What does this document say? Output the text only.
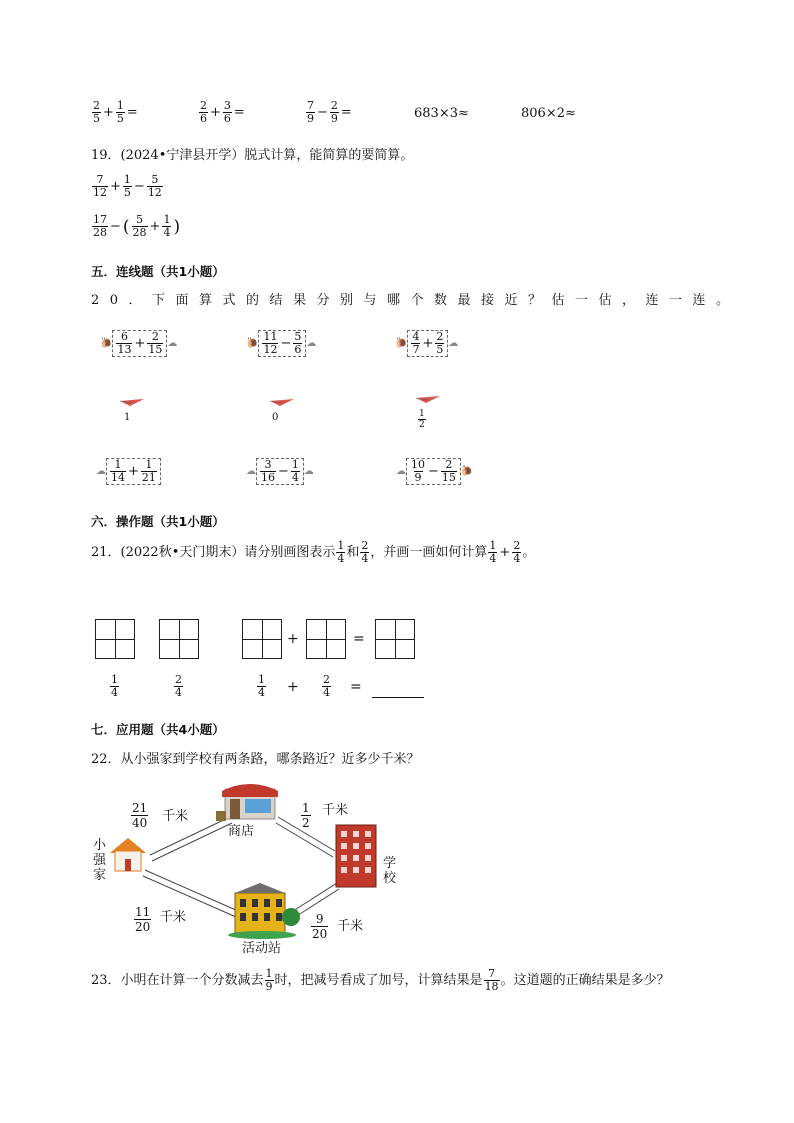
$\frac{2}{5} + \frac{1}{5}$ =	$\frac{2}{6} + \frac{3}{6}$ =	$\frac{7}{9} - \frac{2}{9}$ =	683×3≈	806×2≈
19．(2024•宁津县开学）脱式计算，能简算的要简算。
$\frac{7}{12} + \frac{1}{5} - \frac{5}{12}$
$\frac{17}{28}$ − ( $\frac{5}{28} + \frac{1}{4}$ )
五．连线题（共1小题）
20．下面算式的结果分别与哪个数最接近？估一估，连一连。
🐌 $\frac{6}{13} + \frac{2}{15}$ ☁	🐌 $\frac{11}{12} - \frac{5}{6}$ ☁	🐌 $\frac{4}{7} + \frac{2}{5}$ ☁
1	0
	$\frac{1}{2}$
☁ $\frac{1}{14} + \frac{1}{21}$	☁ $\frac{3}{16} - \frac{1}{4}$ ☁	☁ $\frac{10}{9} - \frac{2}{15}$ 🐌
六．操作题（共1小题）
21．(2022秋•天门期末）请分别画图表示 $\frac{1}{4}$ 和 $\frac{2}{4}$ ，并画一画如何计算 $\frac{1}{4} + \frac{2}{4}$ 。
+	=
$\frac{1}{4}$	$\frac{2}{4}$	$\frac{1}{4} + \frac{2}{4}$ =
七．应用题（共4小题）
22．从小强家到学校有两条路，哪条路近？近多少千米？
$\frac{21}{40}$ 千米	$\frac{1}{2}$ 千米
商店
小
强
家
学
校
$\frac{11}{20}$ 千米	$\frac{9}{20}$ 千米
活动站
23．小明在计算一个分数减去 $\frac{1}{9}$ 时，把减号看成了加号，计算结果是 $\frac{7}{18}$ 。这道题的正确结果是多少？
